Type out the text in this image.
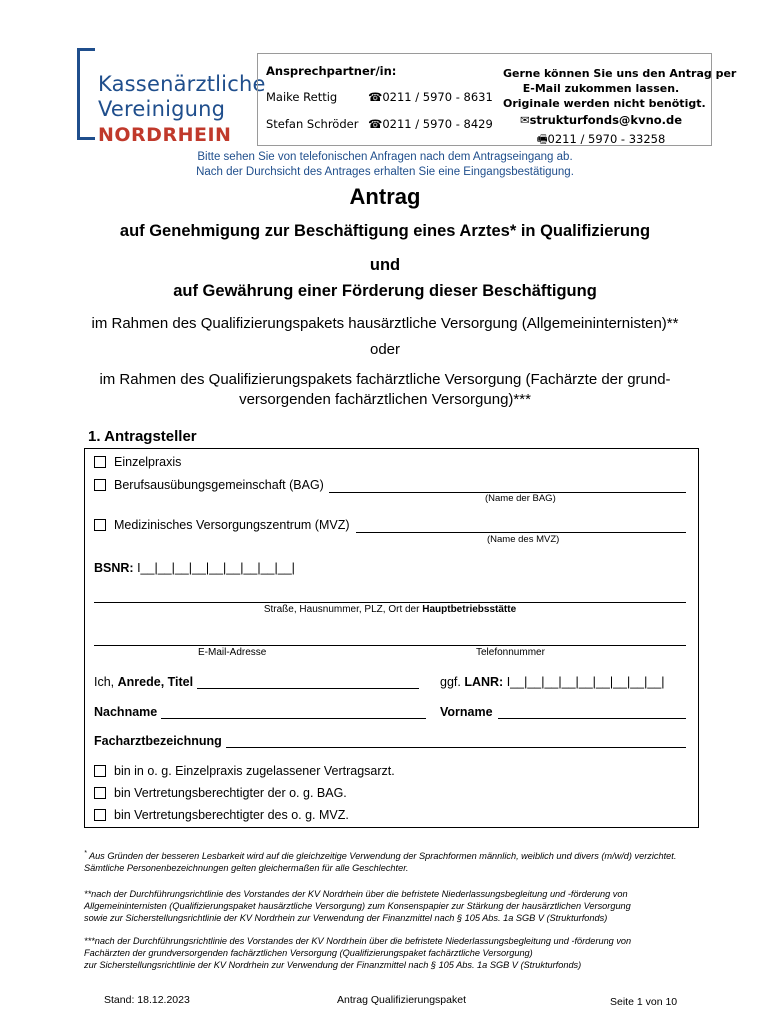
Kassenärztliche
Vereinigung
NORDRHEIN
Ansprechpartner/in:
Maike Rettig	☎0211 / 5970 - 8631
Stefan Schröder ☎0211 / 5970 - 8429
Gerne können Sie uns den Antrag per
E-Mail zukommen lassen.
Originale werden nicht benötigt.
✉strukturfonds@kvno.de
🖷0211 / 5970 - 33258
Bitte sehen Sie von telefonischen Anfragen nach dem Antragseingang ab.
Nach der Durchsicht des Antrages erhalten Sie eine Eingangsbestätigung.
Antrag
auf Genehmigung zur Beschäftigung eines Arztes* in Qualifizierung
und
auf Gewährung einer Förderung dieser Beschäftigung
im Rahmen des Qualifizierungspakets hausärztliche Versorgung (Allgemeininternisten)**
oder
im Rahmen des Qualifizierungspakets fachärztliche Versorgung (Fachärzte der grund-
versorgenden fachärztlichen Versorgung)***
1. Antragsteller
Einzelpraxis
Berufsausübungsgemeinschaft (BAG)
(Name der BAG)
Medizinisches Versorgungszentrum (MVZ)
(Name des MVZ)
BSNR: I__|__|__|__|__|__|__|__|__|
Straße, Hausnummer, PLZ, Ort der Hauptbetriebsstätte
E-Mail-Adresse	Telefonnummer
Ich, Anrede, Titel	ggf. LANR: I__|__|__|__|__|__|__|__|__|
Nachname	Vorname
Facharztbezeichnung
bin in o. g. Einzelpraxis zugelassener Vertragsarzt.
bin Vertretungsberechtigter der o. g. BAG.
bin Vertretungsberechtigter des o. g. MVZ.
* Aus Gründen der besseren Lesbarkeit wird auf die gleichzeitige Verwendung der Sprachformen männlich, weiblich und divers (m/w/d) verzichtet.
Sämtliche Personenbezeichnungen gelten gleichermaßen für alle Geschlechter.
**nach der Durchführungsrichtlinie des Vorstandes der KV Nordrhein über die befristete Niederlassungsbegleitung und -förderung von
Allgemeininternisten (Qualifizierungspaket hausärztliche Versorgung) zum Konsenspapier zur Stärkung der hausärztlichen Versorgung
sowie zur Sicherstellungsrichtlinie der KV Nordrhein zur Verwendung der Finanzmittel nach § 105 Abs. 1a SGB V (Strukturfonds)
***nach der Durchführungsrichtlinie des Vorstandes der KV Nordrhein über die befristete Niederlassungsbegleitung und -förderung von
Fachärzten der grundversorgenden fachärztlichen Versorgung (Qualifizierungspaket fachärztliche Versorgung)
zur Sicherstellungsrichtlinie der KV Nordrhein zur Verwendung der Finanzmittel nach § 105 Abs. 1a SGB V (Strukturfonds)
Stand: 18.12.2023	Antrag Qualifizierungspaket	Seite 1 von 10
